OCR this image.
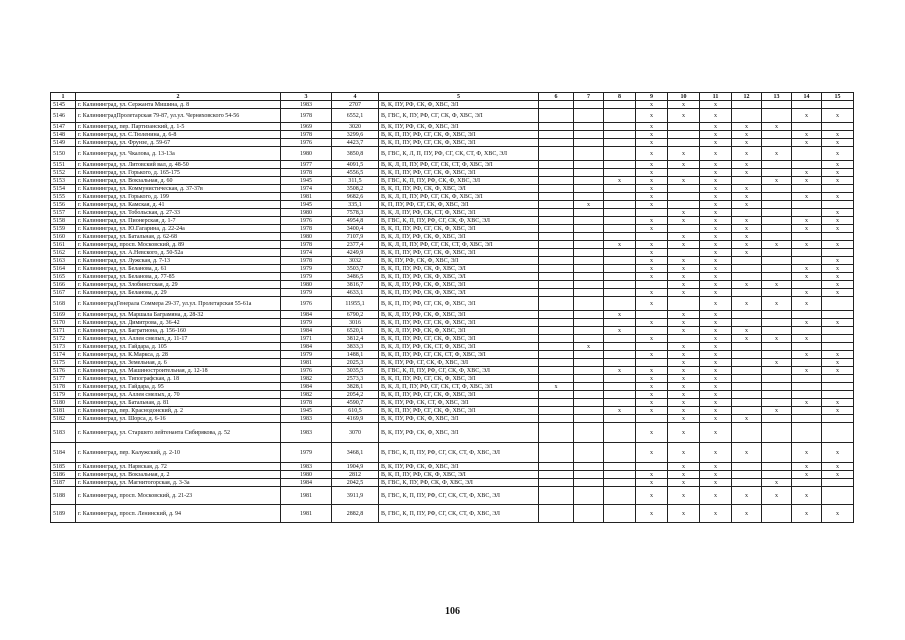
1	2	3	4	5	6	7	8	9	10	11	12	13	14	15
5145	г. Калининград, ул. Сержанта Мишина, д. 8	1983	2707	В, К, ПУ, РФ, СК, Ф, ХВС, ЭЛ				x	x	x				
5146	г. КалининградПролетарская 79-87, ул.ул. Черняховского 54-56	1978	6552,1	В, ГВС, К, ПУ, РФ, СГ, СК, Ф, ХВС, ЭЛ				x	x	x			x	x
5147	г. Калининград, пер. Партизанский, д. 1-5	1969	3020	В, К, ПУ, РФ, СК, Ф, ХВС, ЭЛ				x		x	x	x		
5148	г. Калининград, ул. С.Тюленина, д. 6-8	1978	3299,6	В, К, П, ПУ, РФ, СГ, СК, Ф, ХВС, ЭЛ				x		x	x		x	x
5149	г. Калининград, ул. Фрунзе, д. 59-67	1976	4423,7	В, К, П, ПУ, РФ, СГ, СК, Ф, ХВС, ЭЛ				x		x	x		x	x
5150	г. Калининград, ул. Чкалова, д. 13-13а	1980	3850,8	В, ГВС, К, Л, П, ПУ, РФ, СГ, СК, СТ, Ф, ХВС, ЭЛ				x	x	x	x	x		x
5151	г. Калининград, ул. Литовский вал, д. 48-50	1977	4091,5	В, К, Л, П, ПУ, РФ, СГ, СК, СТ, Ф, ХВС, ЭЛ				x	x	x	x			x
5152	г. Калининград, ул. Горького, д. 165-175	1978	4556,5	В, К, П, ПУ, РФ, СГ, СК, Ф, ХВС, ЭЛ				x		x	x		x	x
5153	г. Калининград, ул. Вокзальная, д. 60	1945	311,5	В, ГВС, К, П, ПУ, РФ, СК, Ф, ХВС, ЭЛ			x	x	x	x		x	x	x
5154	г. Калининград, ул. Коммунистическая, д. 37-37в	1974	3508,2	В, К, П, ПУ, РФ, СК, Ф, ХВС, ЭЛ				x		x	x			
5155	г. Калининград, ул. Горького, д. 199	1981	9682,6	В, К, Л, П, ПУ, РФ, СГ, СК, Ф, ХВС, ЭЛ				x		x	x		x	x
5156	г. Калининград, ул. Камская, д. 41	1945	335,1	К, П, ПУ, РФ, СГ, СК, Ф, ХВС, ЭЛ		x		x		x	x			
5157	г. Калининград, ул. Тобольская, д. 27-33	1980	7578,3	В, К, Л, ПУ, РФ, СК, СТ, Ф, ХВС, ЭЛ					x	x				x
5158	г. Калининград, ул. Пионерская, д. 1-7	1976	4954,8	В, ГВС, К, П, ПУ, РФ, СГ, СК, Ф, ХВС, ЭЛ				x	x	x	x		x	x
5159	г. Калининград, ул. Ю.Гагарина, д. 22-24а	1978	3400,4	В, К, П, ПУ, РФ, СГ, СК, Ф, ХВС, ЭЛ				x		x	x		x	x
5160	г. Калининград, ул. Батальная, д. 62-68	1980	7107,9	В, К, Л, ПУ, РФ, СК, Ф, ХВС, ЭЛ					x	x	x			
5161	г. Калининград, просп. Московский, д. 89	1978	2377,4	В, К, Л, П, ПУ, РФ, СГ, СК, СТ, Ф, ХВС, ЭЛ			x	x	x	x	x	x	x	x
5162	г. Калининград, ул. А.Невского, д. 50-52а	1974	4249,9	В, К, П, ПУ, РФ, СГ, СК, Ф, ХВС, ЭЛ				x		x	x			
5163	г. Калининград, ул. Лужская, д. 7-13	1978	3032	В, К, ПУ, РФ, СК, Ф, ХВС, ЭЛ				x	x	x				x
5164	г. Калининград, ул. Беланова, д. 61	1979	3503,7	В, К, П, ПУ, РФ, СК, Ф, ХВС, ЭЛ				x	x	x			x	x
5165	г. Калининград, ул. Беланова, д. 77-85	1979	3486,5	В, К, П, ПУ, РФ, СК, Ф, ХВС, ЭЛ				x	x	x			x	x
5166	г. Калининград, ул. Злобинсгская, д. 29	1980	3816,7	В, К, Л, ПУ, РФ, СК, Ф, ХВС, ЭЛ					x	x	x	x		x
5167	г. Калининград, ул. Беланова, д. 29	1979	4633,1	В, К, П, ПУ, РФ, СК, Ф, ХВС, ЭЛ				x	x	x			x	x
5168	г. КалининградГенерала Соммера 29-37, ул.ул. Пролетарская 55-61а	1976	11955,1	В, К, П, ПУ, РФ, СГ, СК, Ф, ХВС, ЭЛ				x		x	x	x	x	
5169	г. Калининград, ул. Маршала Баграмяна, д. 28-32	1984	6790,2	В, К, Л, ПУ, РФ, СК, Ф, ХВС, ЭЛ			x		x	x				
5170	г. Калининград, ул. Димитрова, д. 36-42	1979	3016	В, К, П, ПУ, РФ, СГ, СК, Ф, ХВС, ЭЛ				x	x	x			x	x
5171	г. Калининград, ул. Багратиона, д. 156-160	1984	6520,1	В, К, Л, ПУ, РФ, СК, Ф, ХВС, ЭЛ			x		x	x	x			
5172	г. Калининград, ул. Аллея смелых, д. 11-17	1971	3812,4	В, К, П, ПУ, РФ, СГ, СК, Ф, ХВС, ЭЛ				x		x	x	x	x	
5173	г. Калининград, ул. Гайдара, д. 105	1984	3833,3	В, К, Л, ПУ, РФ, СК, СТ, Ф, ХВС, ЭЛ		x			x	x				
5174	г. Калининград, ул. К.Маркса, д. 28	1979	1488,1	В, К, П, ПУ, РФ, СГ, СК, СТ, Ф, ХВС, ЭЛ				x	x	x			x	x
5175	г. Калининград, ул. Земельная, д. 6	1981	2025,3	В, К, ПУ, РФ, СГ, СК, Ф, ХВС, ЭЛ					x	x		x		x
5176	г. Калининград, ул. Машиностроительная, д. 12-18	1976	3035,5	В, ГВС, К, П, ПУ, РФ, СГ, СК, Ф, ХВС, ЭЛ			x	x	x	x			x	x
5177	г. Калининград, ул. Типографская, д. 18	1982	2573,3	В, К, П, ПУ, РФ, СГ, СК, Ф, ХВС, ЭЛ				x	x	x				
5178	г. Калининград, ул. Гайдара, д. 95	1984	3828,1	В, К, Л, П, ПУ, РФ, СГ, СК, СТ, Ф, ХВС, ЭЛ	x			x	x	x				
5179	г. Калининград, ул. Аллея смелых, д. 70	1982	2054,2	В, К, П, ПУ, РФ, СГ, СК, Ф, ХВС, ЭЛ				x	x	x				
5180	г. Калининград, ул. Батальная, д. 81	1978	4590,7	В, К, ПУ, РФ, СК, СТ, Ф, ХВС, ЭЛ				x	x	x			x	x
5181	г. Калининград, пер. Краснодонский, д. 2	1945	610,5	В, К, П, ПУ, РФ, СГ, СК, Ф, ХВС, ЭЛ			x	x	x	x		x		x
5182	г. Калининград, ул. Шорса, д. 6-16	1983	4169,9	В, К, ПУ, РФ, СК, Ф, ХВС, ЭЛ					x	x	x			
5183	г. Калининград, ул. Старшего лейтенанта Сибирякова, д. 52	1983	3070	В, К, ПУ, РФ, СК, Ф, ХВС, ЭЛ				x	x	x				
5184	г. Калининград, пер. Калужский, д. 2-10	1979	3468,1	В, ГВС, К, П, ПУ, РФ, СГ, СК, СТ, Ф, ХВС, ЭЛ				x	x	x	x		x	x
5185	г. Калининград, ул. Нарвская, д. 72	1983	1904,9	В, К, ПУ, РФ, СК, Ф, ХВС, ЭЛ					x	x			x	x
5186	г. Калининград, ул. Вокзальная, д. 2	1980	2812	В, К, П, ПУ, РФ, СК, Ф, ХВС, ЭЛ				x	x	x			x	x
5187	г. Калининград, ул. Магнитогорская, д. 3-3а	1984	2042,5	В, ГВС, К, ПУ, РФ, СК, Ф, ХВС, ЭЛ				x	x	x		x		
5188	г. Калининград, просп. Московский, д. 21-23	1981	3911,9	В, ГВС, К, П, ПУ, РФ, СГ, СК, СТ, Ф, ХВС, ЭЛ				x	x	x	x	x	x	
5189	г. Калининград, просп. Ленинский, д. 94	1981	2882,8	В, ГВС, К, П, ПУ, РФ, СГ, СК, СТ, Ф, ХВС, ЭЛ				x	x	x	x		x	x
106
